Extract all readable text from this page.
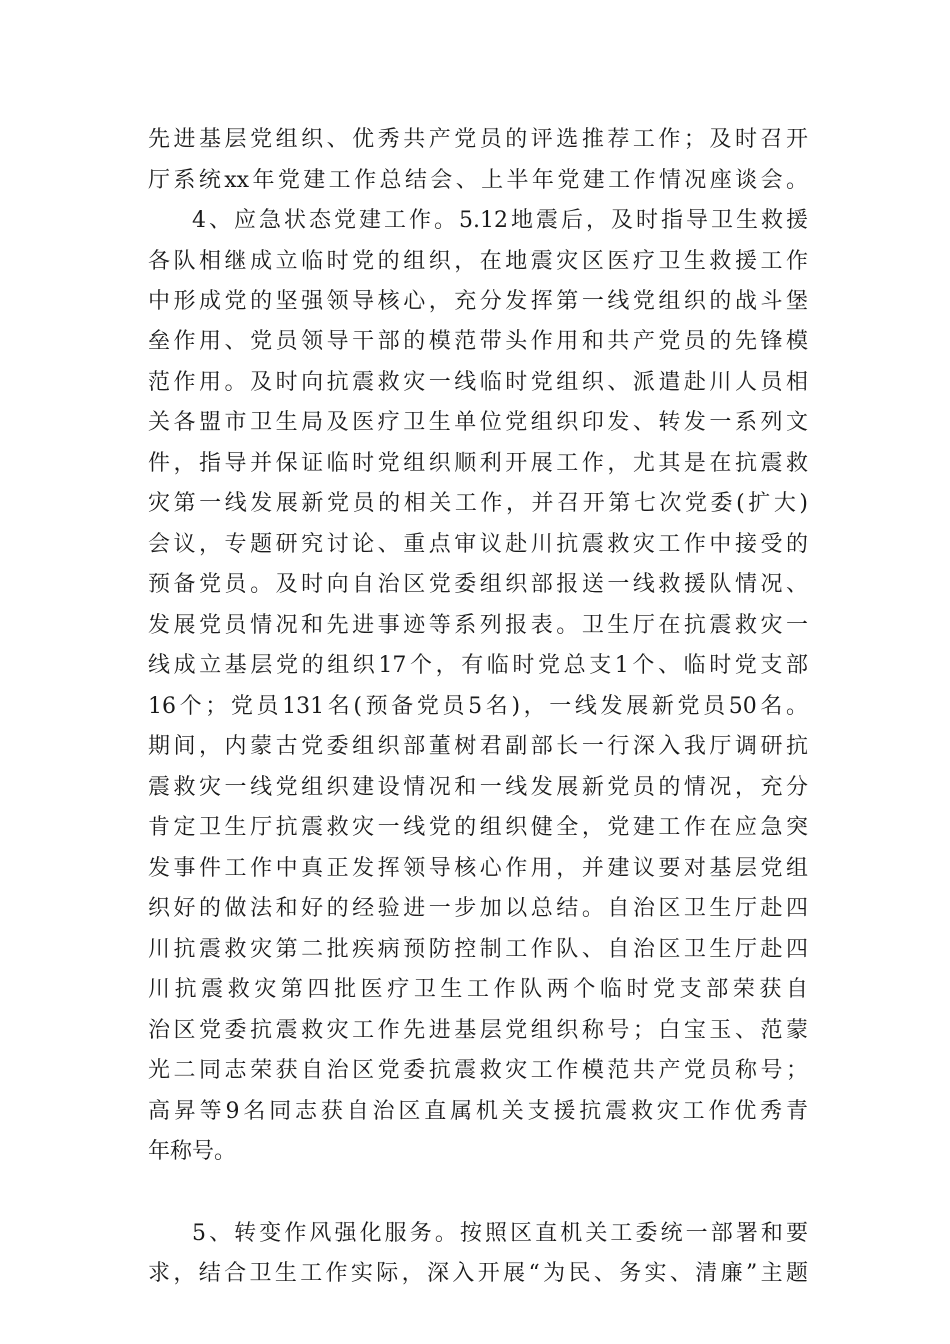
先进基层党组织、优秀共产党员的评选推荐工作；及时召开
厅系统xx年党建工作总结会、上半年党建工作情况座谈会。
4、应急状态党建工作。5.12地震后，及时指导卫生救援
各队相继成立临时党的组织，在地震灾区医疗卫生救援工作
中形成党的坚强领导核心，充分发挥第一线党组织的战斗堡
垒作用、党员领导干部的模范带头作用和共产党员的先锋模
范作用。及时向抗震救灾一线临时党组织、派遣赴川人员相
关各盟市卫生局及医疗卫生单位党组织印发、转发一系列文
件，指导并保证临时党组织顺利开展工作，尤其是在抗震救
灾第一线发展新党员的相关工作，并召开第七次党委(扩大)
会议，专题研究讨论、重点审议赴川抗震救灾工作中接受的
预备党员。及时向自治区党委组织部报送一线救援队情况、
发展党员情况和先进事迹等系列报表。卫生厅在抗震救灾一
线成立基层党的组织17个，有临时党总支1个、临时党支部
16个；党员131名(预备党员5名)，一线发展新党员50名。
期间，内蒙古党委组织部董树君副部长一行深入我厅调研抗
震救灾一线党组织建设情况和一线发展新党员的情况，充分
肯定卫生厅抗震救灾一线党的组织健全，党建工作在应急突
发事件工作中真正发挥领导核心作用，并建议要对基层党组
织好的做法和好的经验进一步加以总结。自治区卫生厅赴四
川抗震救灾第二批疾病预防控制工作队、自治区卫生厅赴四
川抗震救灾第四批医疗卫生工作队两个临时党支部荣获自
治区党委抗震救灾工作先进基层党组织称号；白宝玉、范蒙
光二同志荣获自治区党委抗震救灾工作模范共产党员称号；
高昇等9名同志获自治区直属机关支援抗震救灾工作优秀青
年称号。
5、转变作风强化服务。按照区直机关工委统一部署和要
求，结合卫生工作实际，深入开展“为民、务实、清廉”主题
